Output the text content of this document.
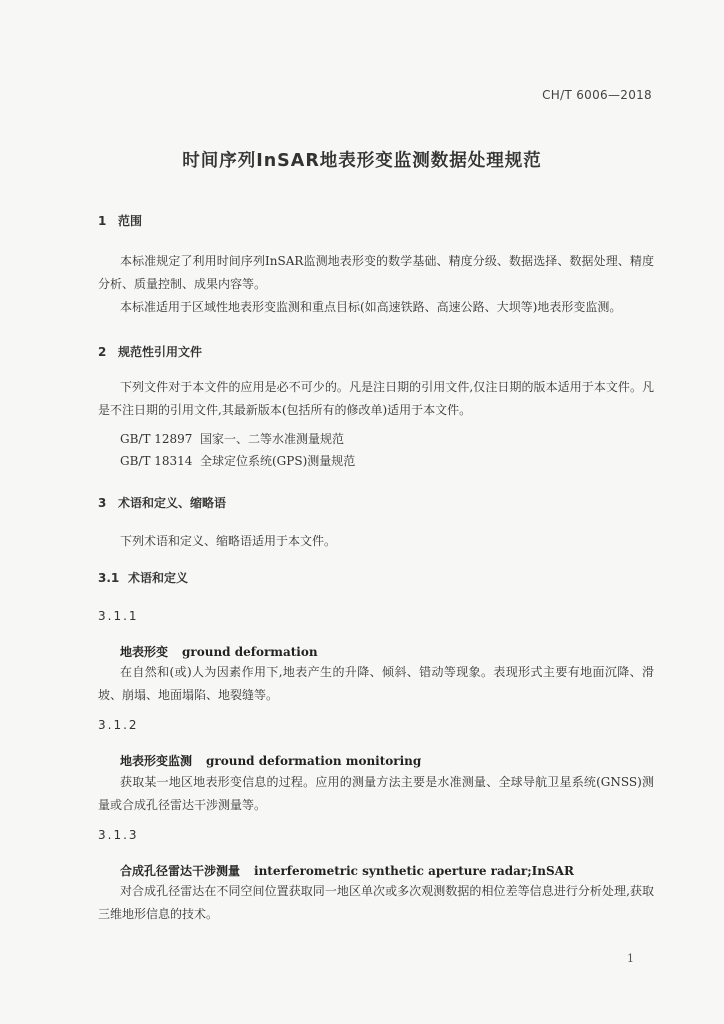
CH/T 6006—2018
时间序列InSAR地表形变监测数据处理规范
1 范围
本标准规定了利用时间序列InSAR监测地表形变的数学基础、精度分级、数据选择、数据处理、精度分析、质量控制、成果内容等。
本标准适用于区域性地表形变监测和重点目标(如高速铁路、高速公路、大坝等)地表形变监测。
2 规范性引用文件
下列文件对于本文件的应用是必不可少的。凡是注日期的引用文件,仅注日期的版本适用于本文件。凡是不注日期的引用文件,其最新版本(包括所有的修改单)适用于本文件。
GB/T 12897 国家一、二等水准测量规范
GB/T 18314 全球定位系统(GPS)测量规范
3 术语和定义、缩略语
下列术语和定义、缩略语适用于本文件。
3.1 术语和定义
3.1.1
地表形变 ground deformation
在自然和(或)人为因素作用下,地表产生的升降、倾斜、错动等现象。表现形式主要有地面沉降、滑坡、崩塌、地面塌陷、地裂缝等。
3.1.2
地表形变监测 ground deformation monitoring
获取某一地区地表形变信息的过程。应用的测量方法主要是水准测量、全球导航卫星系统(GNSS)测量或合成孔径雷达干涉测量等。
3.1.3
合成孔径雷达干涉测量 interferometric synthetic aperture radar;InSAR
对合成孔径雷达在不同空间位置获取同一地区单次或多次观测数据的相位差等信息进行分析处理,获取三维地形信息的技术。
1
